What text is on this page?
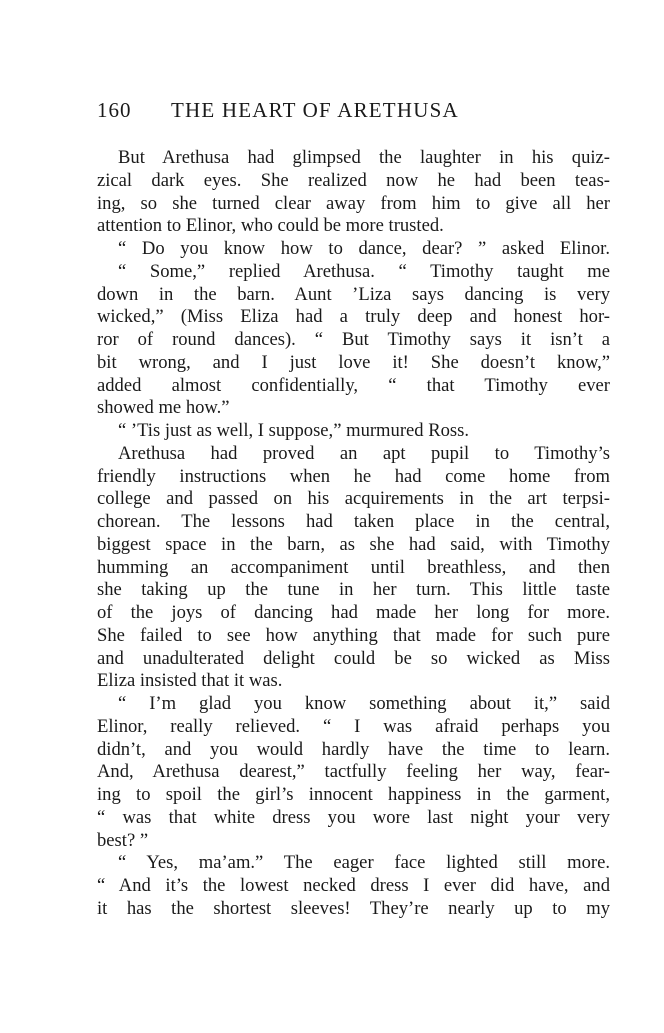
160 THE HEART OF ARETHUSA
But Arethusa had glimpsed the laughter in his quiz-
zical dark eyes. She realized now he had been teas-
ing, so she turned clear away from him to give all her
attention to Elinor, who could be more trusted.
“ Do you know how to dance, dear? ” asked Elinor.
“ Some,” replied Arethusa. “ Timothy taught me
down in the barn. Aunt ’Liza says dancing is very
wicked,” (Miss Eliza had a truly deep and honest hor-
ror of round dances). “ But Timothy says it isn’t a
bit wrong, and I just love it! She doesn’t know,”
added almost confidentially, “ that Timothy ever
showed me how.”
“ ’Tis just as well, I suppose,” murmured Ross.
Arethusa had proved an apt pupil to Timothy’s
friendly instructions when he had come home from
college and passed on his acquirements in the art terpsi-
chorean. The lessons had taken place in the central,
biggest space in the barn, as she had said, with Timothy
humming an accompaniment until breathless, and then
she taking up the tune in her turn. This little taste
of the joys of dancing had made her long for more.
She failed to see how anything that made for such pure
and unadulterated delight could be so wicked as Miss
Eliza insisted that it was.
“ I’m glad you know something about it,” said
Elinor, really relieved. “ I was afraid perhaps you
didn’t, and you would hardly have the time to learn.
And, Arethusa dearest,” tactfully feeling her way, fear-
ing to spoil the girl’s innocent happiness in the garment,
“ was that white dress you wore last night your very
best? ”
“ Yes, ma’am.” The eager face lighted still more.
“ And it’s the lowest necked dress I ever did have, and
it has the shortest sleeves! They’re nearly up to my
